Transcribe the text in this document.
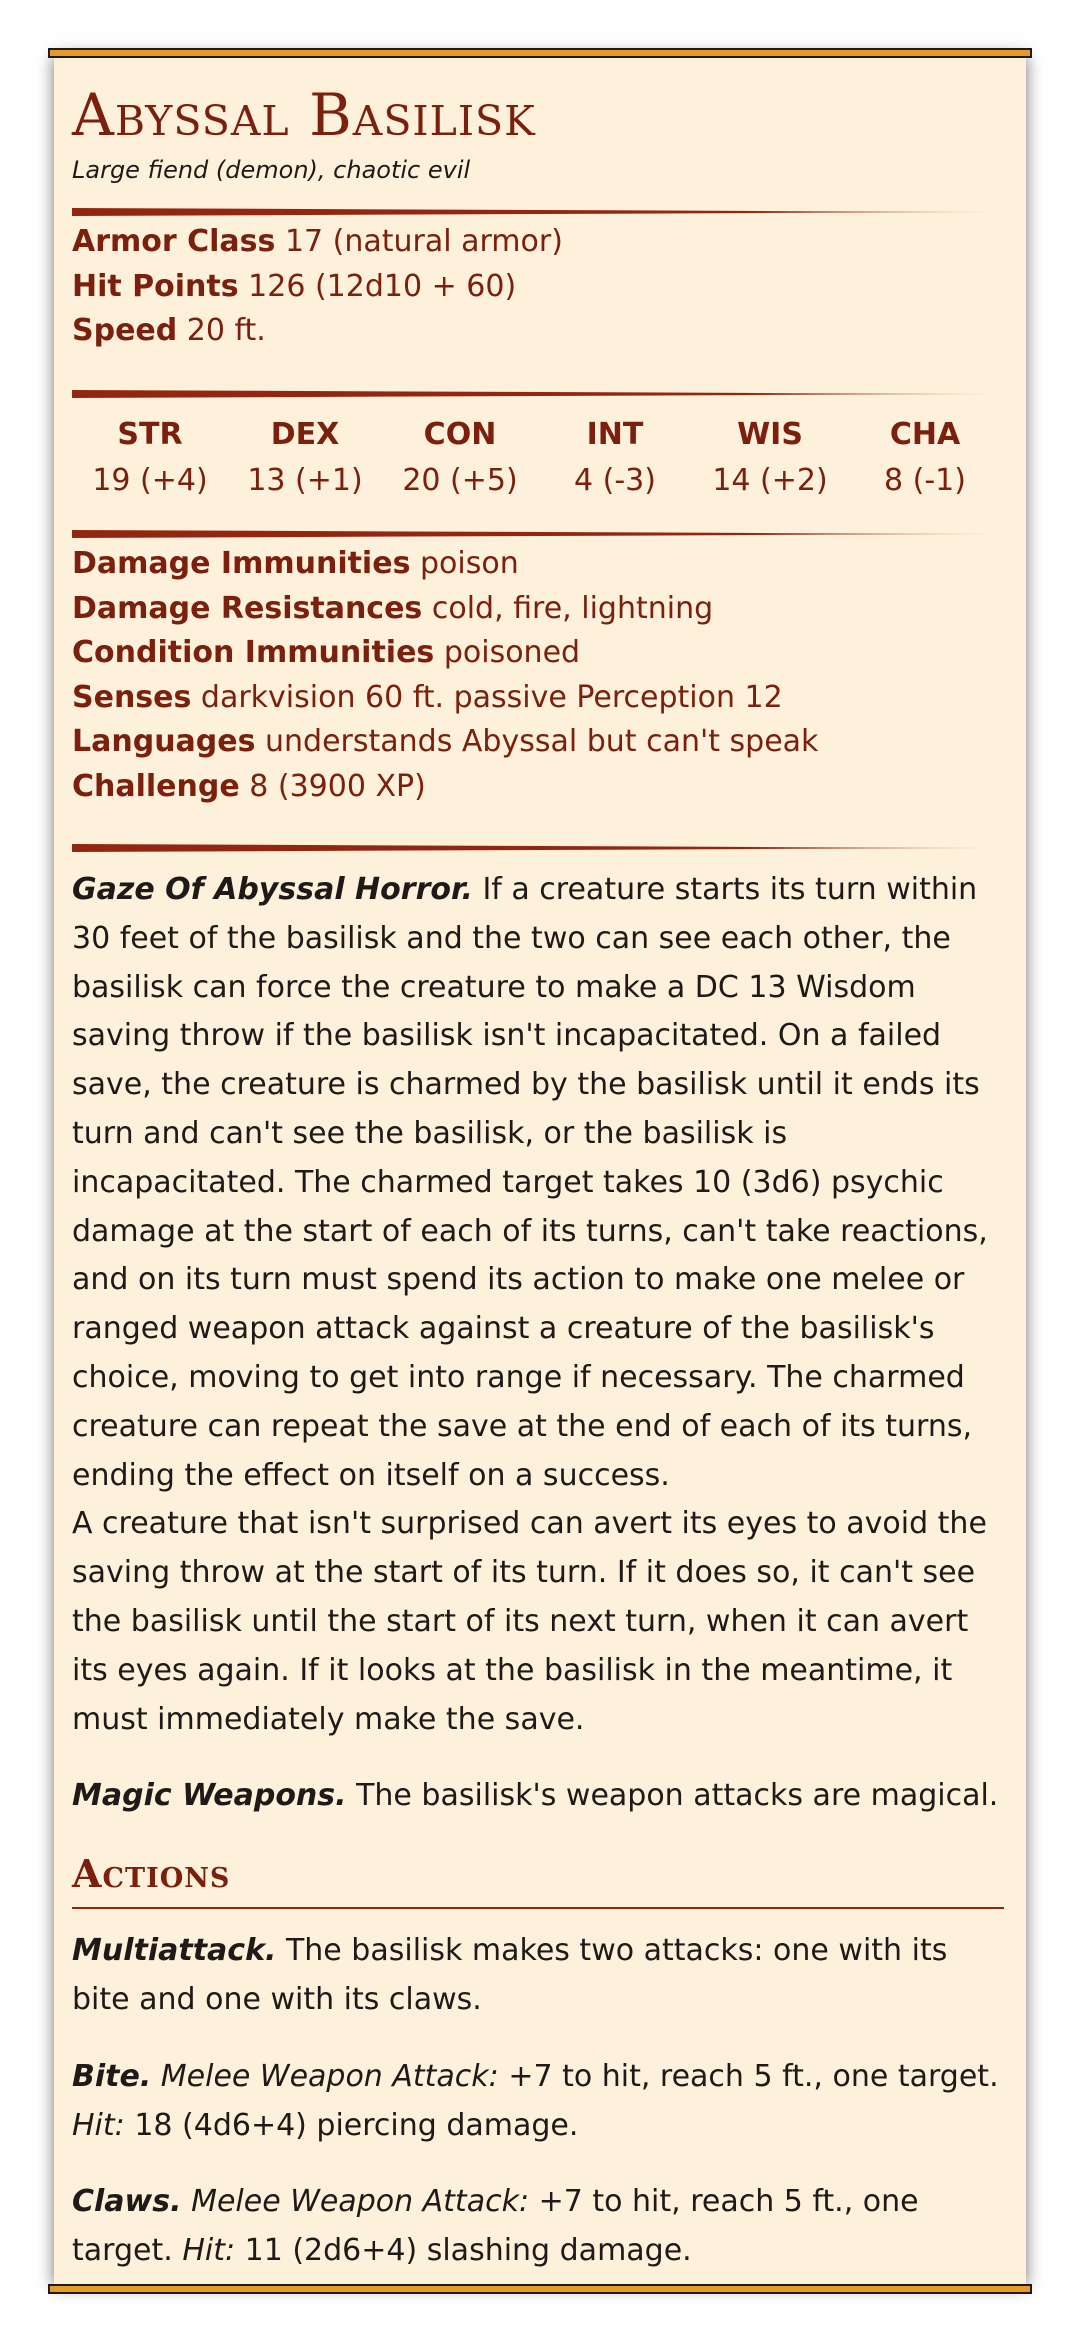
Abyssal Basilisk
Large fiend (demon), chaotic evil
Armor Class 17 (natural armor)
Hit Points 126 (12d10 + 60)
Speed 20 ft.
STR
19 (+4)
DEX
13 (+1)
CON
20 (+5)
INT
4 (-3)
WIS
14 (+2)
CHA
8 (-1)
Damage Immunities poison
Damage Resistances cold, fire, lightning
Condition Immunities poisoned
Senses darkvision 60 ft. passive Perception 12
Languages understands Abyssal but can't speak
Challenge 8 (3900 XP)

Gaze Of Abyssal Horror. If a creature starts its turn within 30 feet of the basilisk and the two can see each other, the basilisk can force the creature to make a DC 13 Wisdom saving throw if the basilisk isn't incapacitated. On a failed save, the creature is charmed by the basilisk until it ends its turn and can't see the basilisk, or the basilisk is incapacitated. The charmed target takes 10 (3d6) psychic damage at the start of each of its turns, can't take reactions, and on its turn must spend its action to make one melee or ranged weapon attack against a creature of the basilisk's choice, moving to get into range if necessary. The charmed creature can repeat the save at the end of each of its turns, ending the effect on itself on a success.

A creature that isn't surprised can avert its eyes to avoid the saving throw at the start of its turn. If it does so, it can't see the basilisk until the start of its next turn, when it can avert its eyes again. If it looks at the basilisk in the meantime, it must immediately make the save.

Magic Weapons. The basilisk's weapon attacks are magical.

Actions

Multiattack. The basilisk makes two attacks: one with its bite and one with its claws.

Bite. Melee Weapon Attack: +7 to hit, reach 5 ft., one target. Hit: 18 (4d6+4) piercing damage.

Claws. Melee Weapon Attack: +7 to hit, reach 5 ft., one target. Hit: 11 (2d6+4) slashing damage.
